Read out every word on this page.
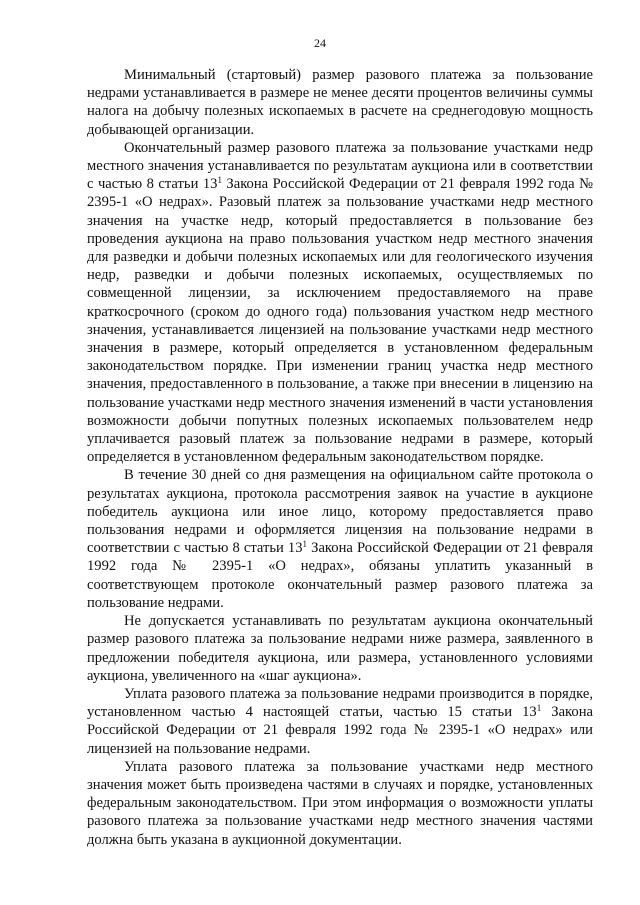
24

Минимальный (стартовый) размер разового платежа за пользование недрами устанавливается в размере не менее десяти процентов величины суммы налога на добычу полезных ископаемых в расчете на среднегодовую мощность добывающей организации.

Окончательный размер разового платежа за пользование участками недр местного значения устанавливается по результатам аукциона или в соответствии с частью 8 статьи $13^1$ Закона Российской Федерации от 21 февраля 1992 года № 2395-1 «О недрах». Разовый платеж за пользование участками недр местного значения на участке недр, который предоставляется в пользование без проведения аукциона на право пользования участком недр местного значения для разведки и добычи полезных ископаемых или для геологического изучения недр, разведки и добычи полезных ископаемых, осуществляемых по совмещенной лицензии, за исключением предоставляемого на праве краткосрочного (сроком до одного года) пользования участком недр местного значения, устанавливается лицензией на пользование участками недр местного значения в размере, который определяется в установленном федеральным законодательством порядке. При изменении границ участка недр местного значения, предоставленного в пользование, а также при внесении в лицензию на пользование участками недр местного значения изменений в части установления возможности добычи попутных полезных ископаемых пользователем недр уплачивается разовый платеж за пользование недрами в размере, который определяется в установленном федеральным законодательством порядке.

В течение 30 дней со дня размещения на официальном сайте протокола о результатах аукциона, протокола рассмотрения заявок на участие в аукционе победитель аукциона или иное лицо, которому предоставляется право пользования недрами и оформляется лицензия на пользование недрами в соответствии с частью 8 статьи $13^1$ Закона Российской Федерации от 21 февраля 1992 года № 2395-1 «О недрах», обязаны уплатить указанный в соответствующем протоколе окончательный размер разового платежа за пользование недрами.

Не допускается устанавливать по результатам аукциона окончательный размер разового платежа за пользование недрами ниже размера, заявленного в предложении победителя аукциона, или размера, установленного условиями аукциона, увеличенного на «шаг аукциона».

Уплата разового платежа за пользование недрами производится в порядке, установленном частью 4 настоящей статьи, частью 15 статьи $13^1$ Закона Российской Федерации от 21 февраля 1992 года № 2395-1 «О недрах» или лицензией на пользование недрами.

Уплата разового платежа за пользование участками недр местного значения может быть произведена частями в случаях и порядке, установленных федеральным законодательством. При этом информация о возможности уплаты разового платежа за пользование участками недр местного значения частями должна быть указана в аукционной документации.
